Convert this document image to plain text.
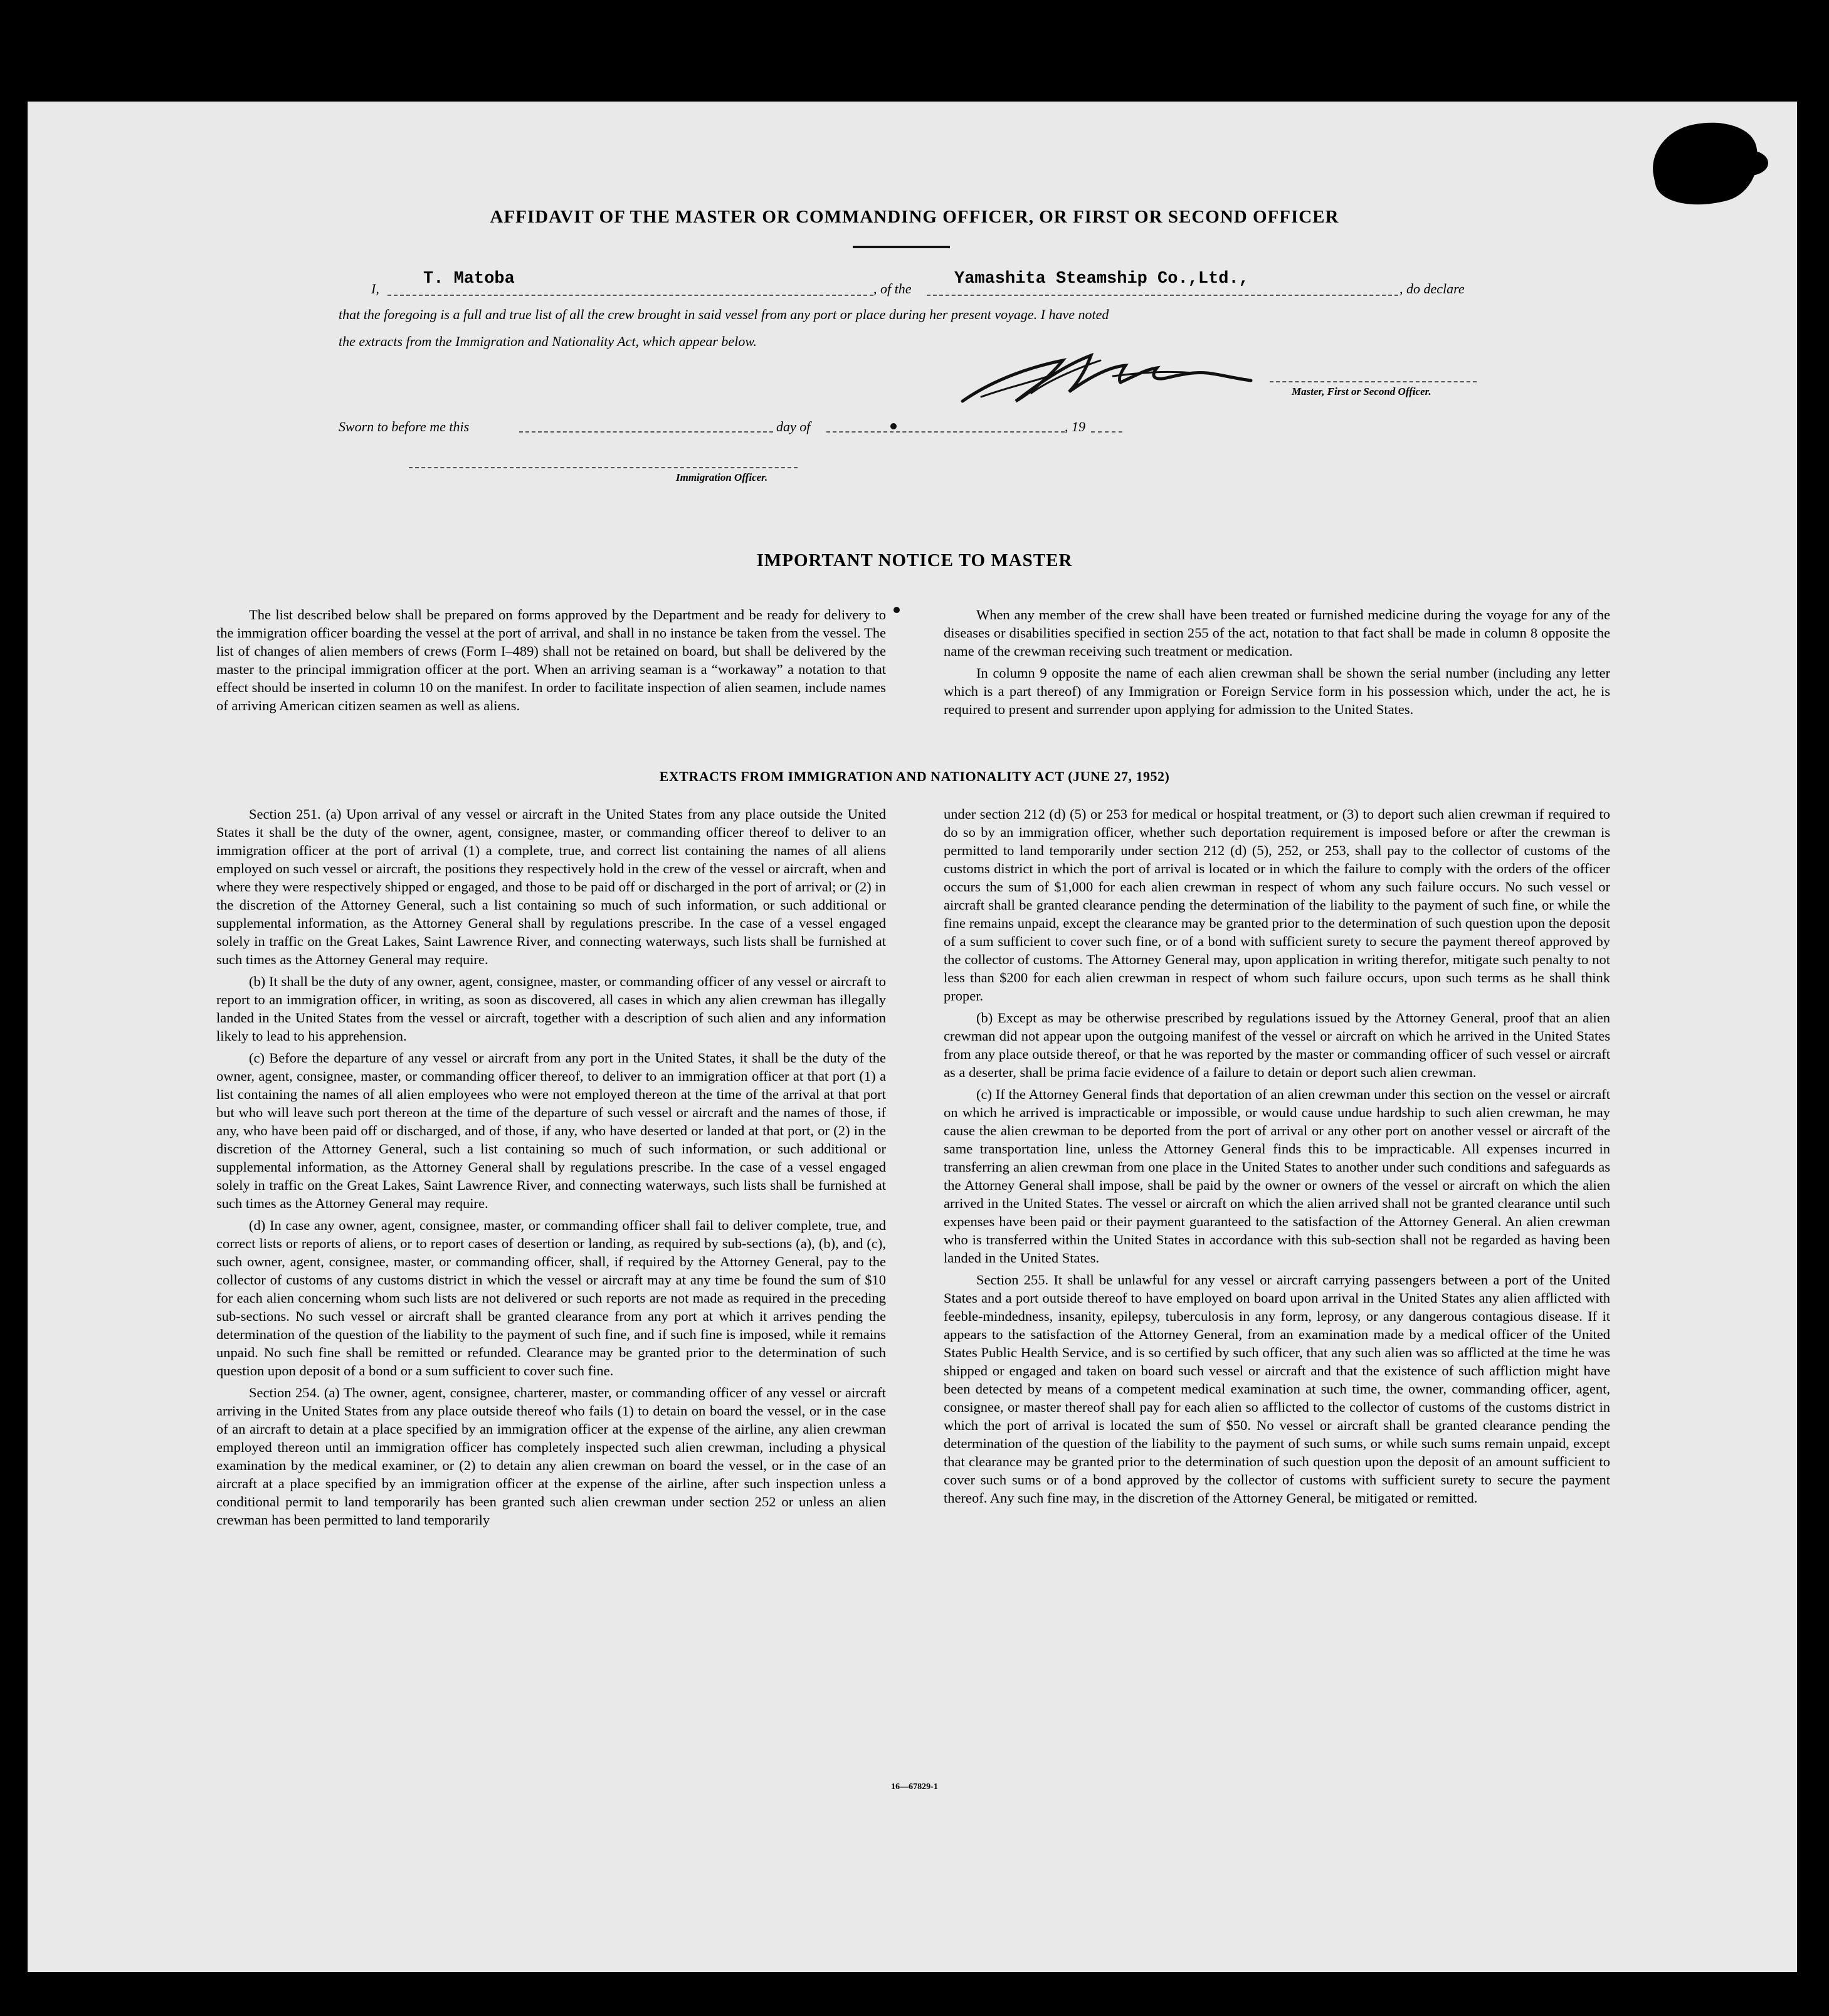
AFFIDAVIT OF THE MASTER OR COMMANDING OFFICER, OR FIRST OR SECOND OFFICER
I,
T. Matoba
, of the
Yamashita Steamship Co.,Ltd.,
, do declare
that the foregoing is a full and true list of all the crew brought in said vessel from any port or place during her present voyage. I have noted
the extracts from the Immigration and Nationality Act, which appear below.
Master, First or Second Officer.
Sworn to before me this	day of	, 19
Immigration Officer.
IMPORTANT NOTICE TO MASTER

The list described below shall be prepared on forms approved by the Department and be ready for delivery to the immigration officer boarding the vessel at the port of arrival, and shall in no instance be taken from the vessel. The list of changes of alien members of crews (Form I–489) shall not be retained on board, but shall be delivered by the master to the principal immigration officer at the port. When an arriving seaman is a “workaway” a notation to that effect should be inserted in column 10 on the manifest. In order to facilitate inspection of alien seamen, include names of arriving American citizen seamen as well as aliens.

When any member of the crew shall have been treated or furnished medicine during the voyage for any of the diseases or disabilities specified in section 255 of the act, notation to that fact shall be made in column 8 opposite the name of the crewman receiving such treatment or medication.

In column 9 opposite the name of each alien crewman shall be shown the serial number (including any letter which is a part thereof) of any Immigration or Foreign Service form in his possession which, under the act, he is required to present and surrender upon applying for admission to the United States.

EXTRACTS FROM IMMIGRATION AND NATIONALITY ACT (JUNE 27, 1952)

Section 251. (a) Upon arrival of any vessel or aircraft in the United States from any place outside the United States it shall be the duty of the owner, agent, consignee, master, or commanding officer thereof to deliver to an immigration officer at the port of arrival (1) a complete, true, and correct list containing the names of all aliens employed on such vessel or aircraft, the positions they respectively hold in the crew of the vessel or aircraft, when and where they were respectively shipped or engaged, and those to be paid off or discharged in the port of arrival; or (2) in the discretion of the Attorney General, such a list containing so much of such information, or such additional or supplemental information, as the Attorney General shall by regulations prescribe. In the case of a vessel engaged solely in traffic on the Great Lakes, Saint Lawrence River, and connecting waterways, such lists shall be furnished at such times as the Attorney General may require.

(b) It shall be the duty of any owner, agent, consignee, master, or commanding officer of any vessel or aircraft to report to an immigration officer, in writing, as soon as discovered, all cases in which any alien crewman has illegally landed in the United States from the vessel or aircraft, together with a description of such alien and any information likely to lead to his apprehension.

(c) Before the departure of any vessel or aircraft from any port in the United States, it shall be the duty of the owner, agent, consignee, master, or commanding officer thereof, to deliver to an immigration officer at that port (1) a list containing the names of all alien employees who were not employed thereon at the time of the arrival at that port but who will leave such port thereon at the time of the departure of such vessel or aircraft and the names of those, if any, who have been paid off or discharged, and of those, if any, who have deserted or landed at that port, or (2) in the discretion of the Attorney General, such a list containing so much of such information, or such additional or supplemental information, as the Attorney General shall by regulations prescribe. In the case of a vessel engaged solely in traffic on the Great Lakes, Saint Lawrence River, and connecting waterways, such lists shall be furnished at such times as the Attorney General may require.

(d) In case any owner, agent, consignee, master, or commanding officer shall fail to deliver complete, true, and correct lists or reports of aliens, or to report cases of desertion or landing, as required by sub-sections (a), (b), and (c), such owner, agent, consignee, master, or commanding officer, shall, if required by the Attorney General, pay to the collector of customs of any customs district in which the vessel or aircraft may at any time be found the sum of $10 for each alien concerning whom such lists are not delivered or such reports are not made as required in the preceding sub-sections. No such vessel or aircraft shall be granted clearance from any port at which it arrives pending the determination of the question of the liability to the payment of such fine, and if such fine is imposed, while it remains unpaid. No such fine shall be remitted or refunded. Clearance may be granted prior to the determination of such question upon deposit of a bond or a sum sufficient to cover such fine.

Section 254. (a) The owner, agent, consignee, charterer, master, or commanding officer of any vessel or aircraft arriving in the United States from any place outside thereof who fails (1) to detain on board the vessel, or in the case of an aircraft to detain at a place specified by an immigration officer at the expense of the airline, any alien crewman employed thereon until an immigration officer has completely inspected such alien crewman, including a physical examination by the medical examiner, or (2) to detain any alien crewman on board the vessel, or in the case of an aircraft at a place specified by an immigration officer at the expense of the airline, after such inspection unless a conditional permit to land temporarily has been granted such alien crewman under section 252 or unless an alien crewman has been permitted to land temporarily

under section 212 (d) (5) or 253 for medical or hospital treatment, or (3) to deport such alien crewman if required to do so by an immigration officer, whether such deportation requirement is imposed before or after the crewman is permitted to land temporarily under section 212 (d) (5), 252, or 253, shall pay to the collector of customs of the customs district in which the port of arrival is located or in which the failure to comply with the orders of the officer occurs the sum of $1,000 for each alien crewman in respect of whom any such failure occurs. No such vessel or aircraft shall be granted clearance pending the determination of the liability to the payment of such fine, or while the fine remains unpaid, except the clearance may be granted prior to the determination of such question upon the deposit of a sum sufficient to cover such fine, or of a bond with sufficient surety to secure the payment thereof approved by the collector of customs. The Attorney General may, upon application in writing therefor, mitigate such penalty to not less than $200 for each alien crewman in respect of whom such failure occurs, upon such terms as he shall think proper.

(b) Except as may be otherwise prescribed by regulations issued by the Attorney General, proof that an alien crewman did not appear upon the outgoing manifest of the vessel or aircraft on which he arrived in the United States from any place outside thereof, or that he was reported by the master or commanding officer of such vessel or aircraft as a deserter, shall be prima facie evidence of a failure to detain or deport such alien crewman.

(c) If the Attorney General finds that deportation of an alien crewman under this section on the vessel or aircraft on which he arrived is impracticable or impossible, or would cause undue hardship to such alien crewman, he may cause the alien crewman to be deported from the port of arrival or any other port on another vessel or aircraft of the same transportation line, unless the Attorney General finds this to be impracticable. All expenses incurred in transferring an alien crewman from one place in the United States to another under such conditions and safeguards as the Attorney General shall impose, shall be paid by the owner or owners of the vessel or aircraft on which the alien arrived in the United States. The vessel or aircraft on which the alien arrived shall not be granted clearance until such expenses have been paid or their payment guaranteed to the satisfaction of the Attorney General. An alien crewman who is transferred within the United States in accordance with this sub-section shall not be regarded as having been landed in the United States.

Section 255. It shall be unlawful for any vessel or aircraft carrying passengers between a port of the United States and a port outside thereof to have employed on board upon arrival in the United States any alien afflicted with feeble-mindedness, insanity, epilepsy, tuberculosis in any form, leprosy, or any dangerous contagious disease. If it appears to the satisfaction of the Attorney General, from an examination made by a medical officer of the United States Public Health Service, and is so certified by such officer, that any such alien was so afflicted at the time he was shipped or engaged and taken on board such vessel or aircraft and that the existence of such affliction might have been detected by means of a competent medical examination at such time, the owner, commanding officer, agent, consignee, or master thereof shall pay for each alien so afflicted to the collector of customs of the customs district in which the port of arrival is located the sum of $50. No vessel or aircraft shall be granted clearance pending the determination of the question of the liability to the payment of such sums, or while such sums remain unpaid, except that clearance may be granted prior to the determination of such question upon the deposit of an amount sufficient to cover such sums or of a bond approved by the collector of customs with sufficient surety to secure the payment thereof. Any such fine may, in the discretion of the Attorney General, be mitigated or remitted.

16—67829-1
